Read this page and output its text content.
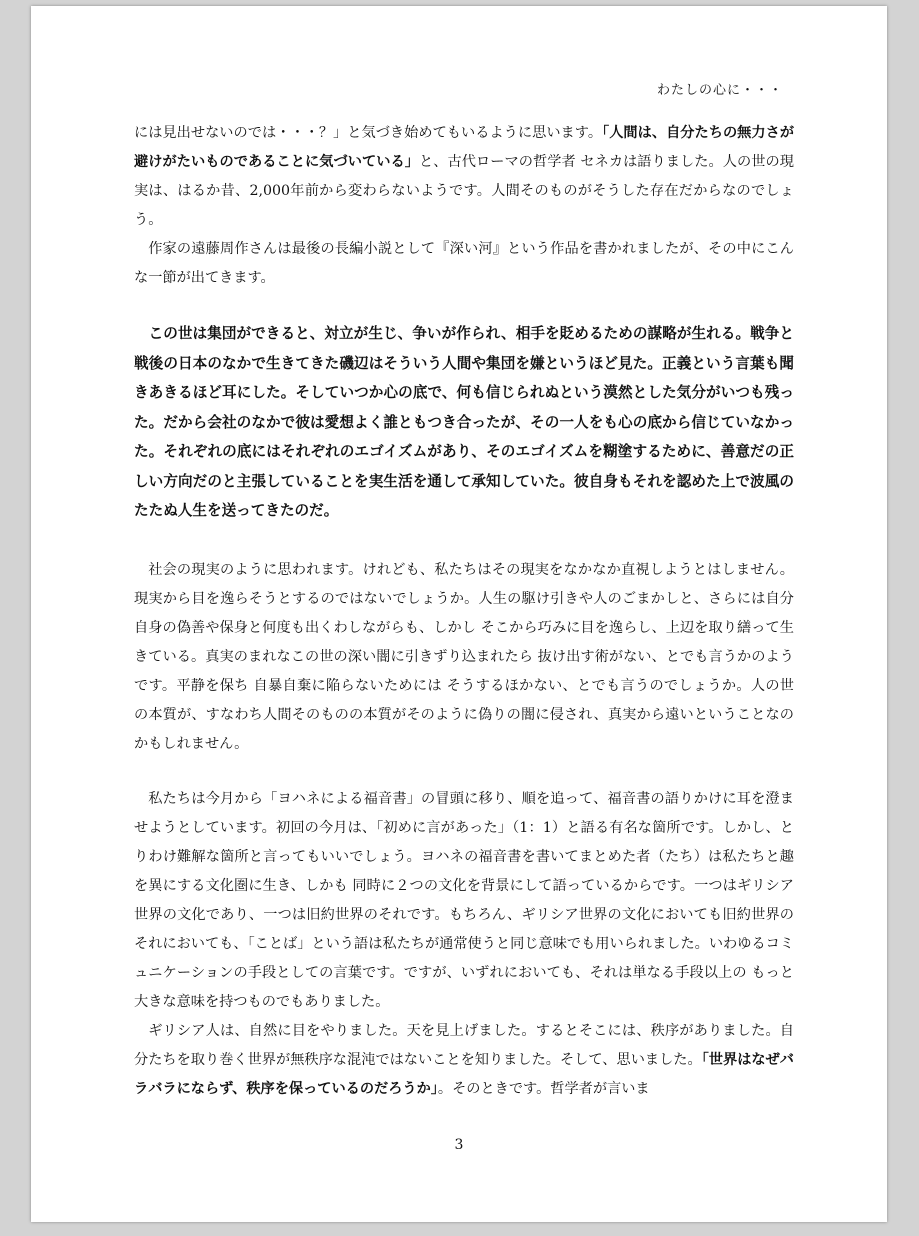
わたしの心に・・・

には見出せないのでは・・・？」と気づき始めてもいるように思います。「人間は、自分たちの無力さが避けがたいものであることに気づいている」と、古代ローマの哲学者 セネカは語りました。人の世の現実は、はるか昔、2,000年前から変わらないようです。人間そのものがそうした存在だからなのでしょう。

作家の遠藤周作さんは最後の長編小説として『深い河』という作品を書かれましたが、その中にこんな一節が出てきます。

この世は集団ができると、対立が生じ、争いが作られ、相手を貶めるための謀略が生れる。戦争と戦後の日本のなかで生きてきた磯辺はそういう人間や集団を嫌というほど見た。正義という言葉も聞きあきるほど耳にした。そしていつか心の底で、何も信じられぬという漠然とした気分がいつも残った。だから会社のなかで彼は愛想よく誰ともつき合ったが、その一人をも心の底から信じていなかった。それぞれの底にはそれぞれのエゴイズムがあり、そのエゴイズムを糊塗するために、善意だの正しい方向だのと主張していることを実生活を通して承知していた。彼自身もそれを認めた上で波風のたたぬ人生を送ってきたのだ。

社会の現実のように思われます。けれども、私たちはその現実をなかなか直視しようとはしません。現実から目を逸らそうとするのではないでしょうか。人生の駆け引きや人のごまかしと、さらには自分自身の偽善や保身と何度も出くわしながらも、しかし そこから巧みに目を逸らし、上辺を取り繕って生きている。真実のまれなこの世の深い闇に引きずり込まれたら 抜け出す術がない、とでも言うかのようです。平静を保ち 自暴自棄に陥らないためには そうするほかない、とでも言うのでしょうか。人の世の本質が、すなわち人間そのものの本質がそのように偽りの闇に侵され、真実から遠いということなのかもしれません。

私たちは今月から「ヨハネによる福音書」の冒頭に移り、順を追って、福音書の語りかけに耳を澄ませようとしています。初回の今月は、「初めに言があった」（1：1）と語る有名な箇所です。しかし、とりわけ難解な箇所と言ってもいいでしょう。ヨハネの福音書を書いてまとめた者（たち）は私たちと趣を異にする文化圏に生き、しかも 同時に２つの文化を背景にして語っているからです。一つはギリシア世界の文化であり、一つは旧約世界のそれです。もちろん、ギリシア世界の文化においても旧約世界のそれにおいても、「ことば」という語は私たちが通常使うと同じ意味でも用いられました。いわゆるコミュニケーションの手段としての言葉です。ですが、いずれにおいても、それは単なる手段以上の もっと大きな意味を持つものでもありました。

ギリシア人は、自然に目をやりました。天を見上げました。するとそこには、秩序がありました。自分たちを取り巻く世界が無秩序な混沌ではないことを知りました。そして、思いました。「世界はなぜバラバラにならず、秩序を保っているのだろうか」。そのときです。哲学者が言いま

3
